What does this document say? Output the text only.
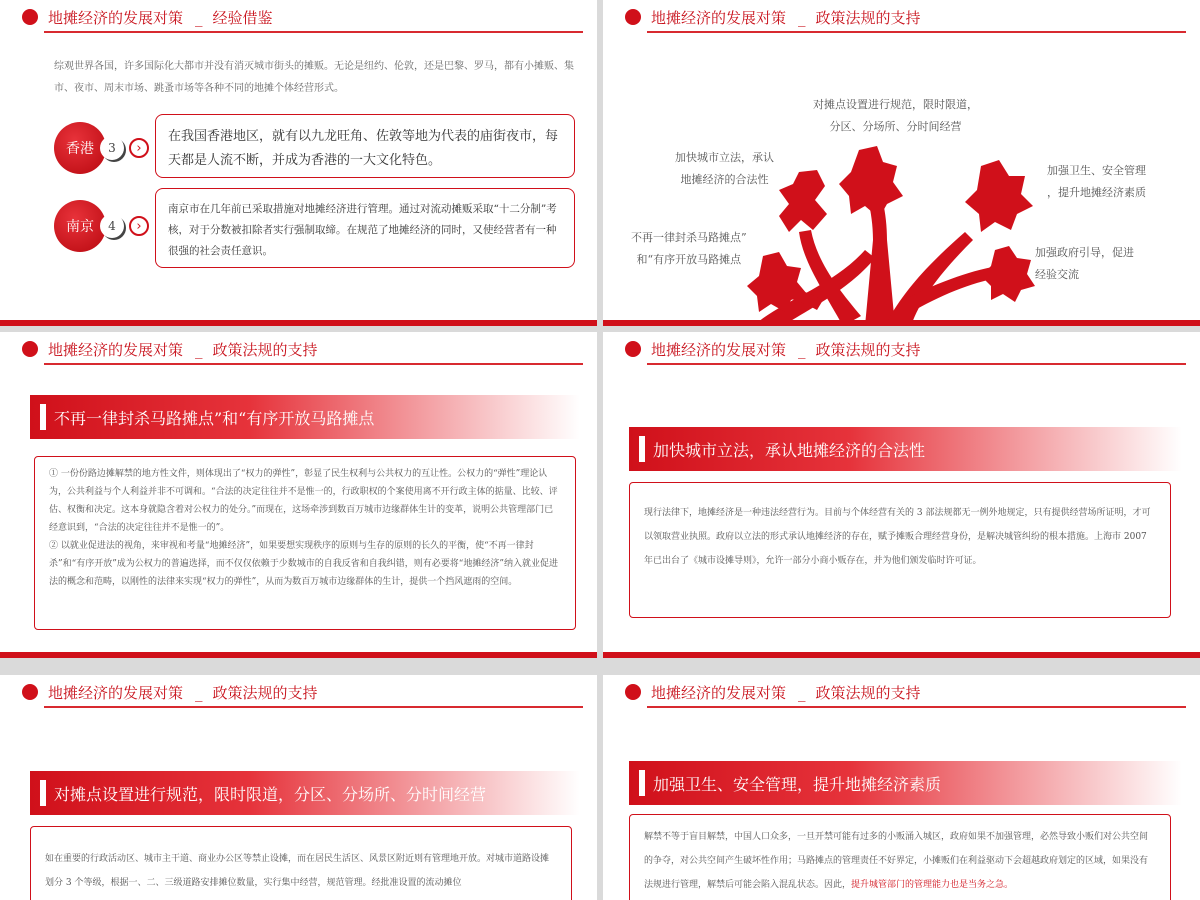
地摊经济的发展对策 _ 经验借鉴
综观世界各国，许多国际化大都市并没有消灭城市街头的摊贩。无论是纽约、伦敦，还是巴黎、罗马，都有小摊贩、集市、夜市、周末市场、跳蚤市场等各种不同的地摊个体经营形式。
香港	3	›
在我国香港地区，就有以九龙旺角、佐敦等地为代表的庙街夜市，每天都是人流不断，并成为香港的一大文化特色。
南京	4	›
南京市在几年前已采取措施对地摊经济进行管理。通过对流动摊贩采取“十二分制”考核，对于分数被扣除者实行强制取缔。在规范了地摊经济的同时，又使经营者有一种很强的社会责任意识。
地摊经济的发展对策 _ 政策法规的支持
对摊点设置进行规范，限时限道，
分区、分场所、分时间经营
加快城市立法，承认
地摊经济的合法性
加强卫生、安全管理
，提升地摊经济素质
不再一律封杀马路摊点”
和“有序开放马路摊点
加强政府引导，促进
经验交流
地摊经济的发展对策 _ 政策法规的支持
不再一律封杀马路摊点”和“有序开放马路摊点
① 一份份路边摊解禁的地方性文件，则体现出了“权力的弹性”，彰显了民生权利与公共权力的互让性。公权力的“弹性”理论认为，公共利益与个人利益并非不可调和。“合法的决定往往并不是惟一的，行政职权的个案使用离不开行政主体的掂量、比较、评估、权衡和决定。这本身就隐含着对公权力的处分。”而现在，这场牵涉到数百万城市边缘群体生计的变革，说明公共管理部门已经意识到，“合法的决定往往并不是惟一的”。
② 以就业促进法的视角，来审视和考量“地摊经济”，如果要想实现秩序的原则与生存的原则的长久的平衡，使“不再一律封杀”和“有序开放”成为公权力的普遍选择，而不仅仅依赖于少数城市的自我反省和自我纠错，则有必要将“地摊经济”纳入就业促进法的概念和范畴，以刚性的法律来实现“权力的弹性”，从而为数百万城市边缘群体的生计，提供一个挡风遮雨的空间。
地摊经济的发展对策 _ 政策法规的支持
加快城市立法，承认地摊经济的合法性
现行法律下，地摊经济是一种违法经营行为。目前与个体经营有关的 3 部法规都无一例外地规定，只有提供经营场所证明，才可以领取营业执照。政府以立法的形式承认地摊经济的存在，赋予摊贩合理经营身份，是解决城管纠纷的根本措施。上海市 2007 年已出台了《城市设摊导则》，允许一部分小商小贩存在，并为他们颁发临时许可证。
地摊经济的发展对策 _ 政策法规的支持
对摊点设置进行规范，限时限道，分区、分场所、分时间经营
如在重要的行政活动区、城市主干道、商业办公区等禁止设摊，而在居民生活区、风景区附近则有管理地开放。对城市道路设摊划分 3 个等级，根据一、二、三级道路安排摊位数量，实行集中经营，规范管理。经批准设置的流动摊位
地摊经济的发展对策 _ 政策法规的支持
加强卫生、安全管理，提升地摊经济素质
解禁不等于盲目解禁，中国人口众多，一旦开禁可能有过多的小贩涌入城区，政府如果不加强管理，必然导致小贩们对公共空间的争夺，对公共空间产生破坏性作用；马路摊点的管理责任不好界定，小摊贩们在利益驱动下会超越政府划定的区域，如果没有法规进行管理，解禁后可能会陷入混乱状态。因此，提升城管部门的管理能力也是当务之急。
